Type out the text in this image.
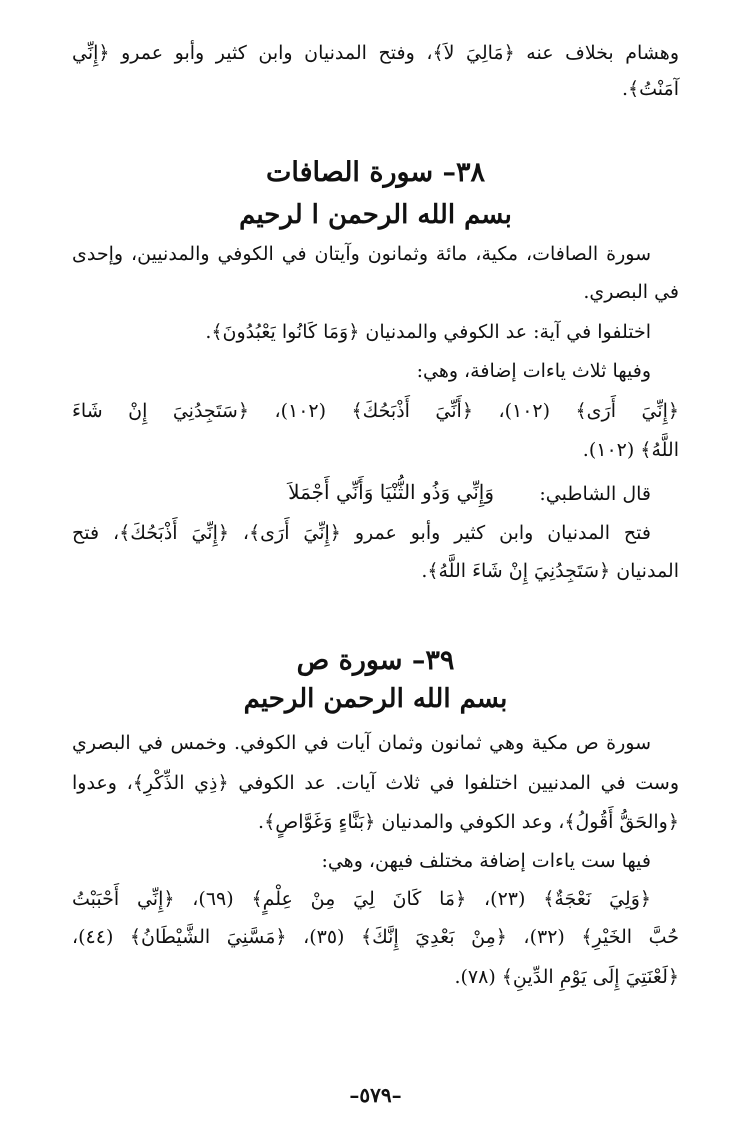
وهشام بخلاف عنه ﴿مَالِيَ لاَ﴾، وفتح المدنيان وابن كثير وأبو عمرو ﴿إِنِّي
آمَنْتُ﴾.
٣٨– سورة الصافات
بسم الله الرحمن ا لرحيم
سورة الصافات، مكية، مائة وثمانون وآيتان في الكوفي والمدنيين، وإحدى
في البصري.
اختلفوا في آية: عد الكوفي والمدنيان ﴿وَمَا كَانُوا يَعْبُدُونَ﴾.
وفيها ثلاث ياءات إضافة، وهي:
﴿إِنِّيَ أَرَى﴾ (١٠٢)، ﴿أَنِّيَ أَذْبَحُكَ﴾ (١٠٢)، ﴿سَتَجِدُنِيَ إِنْ شَاءَ
اللَّهُ﴾ (١٠٢).
قال الشاطبي:
وَإِنِّي وَذُو الثُّنْيَا وَأَنِّي أَجْمَلاَ
فتح المدنيان وابن كثير وأبو عمرو ﴿إِنِّيَ أَرَى﴾، ﴿إِنِّيَ أَذْبَحُكَ﴾، فتح
المدنيان ﴿سَتَجِدُنِيَ إِنْ شَاءَ اللَّهُ﴾.
٣٩– سورة ص
بسم الله الرحمن الرحيم
سورة ص مكية وهي ثمانون وثمان آيات في الكوفي. وخمس في البصري
وست في المدنيين اختلفوا في ثلاث آيات. عد الكوفي ﴿ذِي الذِّكْرِ﴾، وعدوا
﴿والحَقُّ أَقُولُ﴾، وعد الكوفي والمدنيان ﴿بَنَّاءٍ وَغَوَّاصٍ﴾.
فيها ست ياءات إضافة مختلف فيهن، وهي:
﴿وَلِيَ نَعْجَةٌ﴾ (٢٣)، ﴿مَا كَانَ لِيَ مِنْ عِلْمٍ﴾ (٦٩)، ﴿إِنِّي أَحْبَبْتُ
حُبَّ الخَيْرِ﴾ (٣٢)، ﴿مِنْ بَعْدِيَ إِنَّكَ﴾ (٣٥)، ﴿مَسَّنِيَ الشَّيْطَانُ﴾ (٤٤)،
﴿لَعْنَتِيَ إِلَى يَوْمِ الدِّينِ﴾ (٧٨).
–٥٧٩–
